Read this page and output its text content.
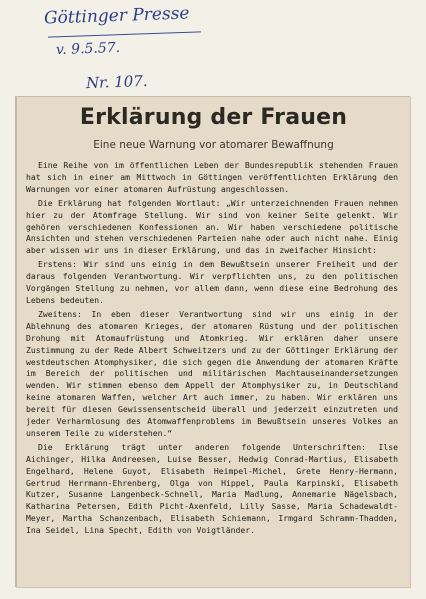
Göttinger Presse
v. 9.5.57.
Nr. 107.
Erklärung der Frauen
Eine neue Warnung vor atomarer Bewaffnung

Eine Reihe von im öffentlichen Leben der Bundesrepublik stehenden Frauen hat sich in einer am Mittwoch in Göttingen veröffentlichten Erklärung den Warnungen vor einer atomaren Aufrüstung angeschlossen.

Die Erklärung hat folgenden Wortlaut: „Wir unterzeichnenden Frauen nehmen hier zu der Atomfrage Stellung. Wir sind von keiner Seite gelenkt. Wir gehören verschiedenen Konfessionen an. Wir haben verschiedene politische Ansichten und stehen verschiedenen Parteien nahe oder auch nicht nahe. Einig aber wissen wir uns in dieser Erklärung, und das in zweifacher Hinsicht:

Erstens: Wir sind uns einig in dem Bewußtsein unserer Freiheit und der daraus folgenden Verantwortung. Wir verpflichten uns, zu den politischen Vorgängen Stellung zu nehmen, vor allem dann, wenn diese eine Bedrohung des Lebens bedeuten.

Zweitens: In eben dieser Verantwortung sind wir uns einig in der Ablehnung des atomaren Krieges, der atomaren Rüstung und der politischen Drohung mit Atomaufrüstung und Atomkrieg. Wir erklären daher unsere Zustimmung zu der Rede Albert Schweitzers und zu der Göttinger Erklärung der westdeutschen Atomphysiker, die sich gegen die Anwendung der atomaren Kräfte im Bereich der politischen und militärischen Machtauseinandersetzungen wenden. Wir stimmen ebenso dem Appell der Atomphysiker zu, in Deutschland keine atomaren Waffen, welcher Art auch immer, zu haben. Wir erklären uns bereit für diesen Gewissensentscheid überall und jederzeit einzutreten und jeder Verharmlosung des Atomwaffenproblems im Bewußtsein unseres Volkes an unserem Teile zu widerstehen.“

Die Erklärung trägt unter anderen folgende Unterschriften: Ilse Aichinger, Hilka Andreesen, Luise Besser, Hedwig Conrad-Martius, Elisabeth Engelhard, Helene Guyot, Elisabeth Heimpel-Michel, Grete Henry-Hermann, Gertrud Herrmann-Ehrenberg, Olga von Hippel, Paula Karpinski, Elisabeth Kutzer, Susanne Langenbeck-Schnell, Maria Madlung, Annemarie Nägelsbach, Katharina Petersen, Edith Picht-Axenfeld, Lilly Sasse, Maria Schadewaldt-Meyer, Martha Schanzenbach, Elisabeth Schiemann, Irmgard Schramm-Thadden, Ina Seidel, Lina Specht, Edith von Voigtländer.
